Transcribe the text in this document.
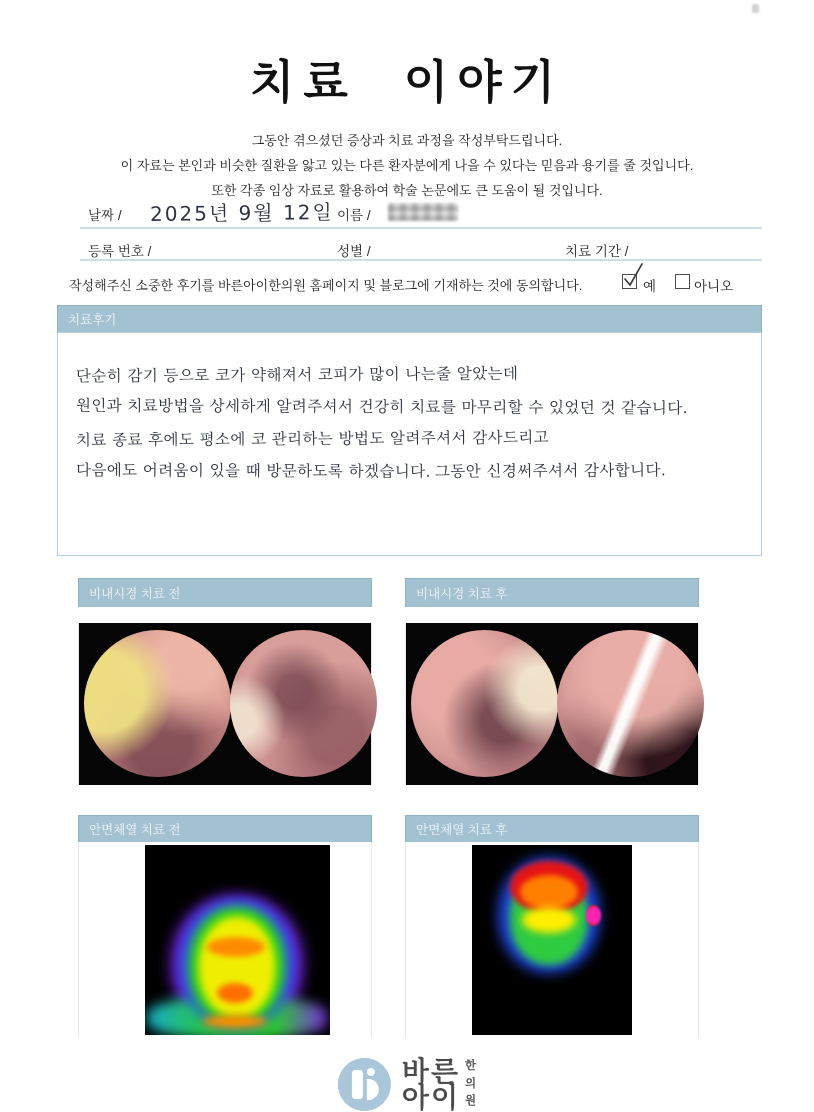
치료 이야기
그동안 겪으셨던 증상과 치료 과정을 작성부탁드립니다.
이 자료는 본인과 비슷한 질환을 앓고 있는 다른 환자분에게 나을 수 있다는 믿음과 용기를 줄 것입니다.
또한 각종 임상 자료로 활용하여 학술 논문에도 큰 도움이 될 것입니다.
날짜 / 2025년 9월 12일 이름 /
등록 번호 /	성별 /	치료 기간 /
작성해주신 소중한 후기를 바른아이한의원 홈페이지 및 블로그에 기재하는 것에 동의합니다.	예	아니오
치료후기
단순히 감기 등으로 코가 약해져서 코피가 많이 나는줄 알았는데 원인과 치료방법을 상세하게 알려주셔서 건강히 치료를 마무리할 수 있었던 것 같습니다. 치료 종료 후에도 평소에 코 관리하는 방법도 알려주셔서 감사드리고 다음에도 어려움이 있을 때 방문하도록 하겠습니다. 그동안 신경써주셔서 감사합니다.
비내시경 치료 전	비내시경 치료 후
안면체열 치료 전	안면체열 치료 후
바른
아이
한
의
원
